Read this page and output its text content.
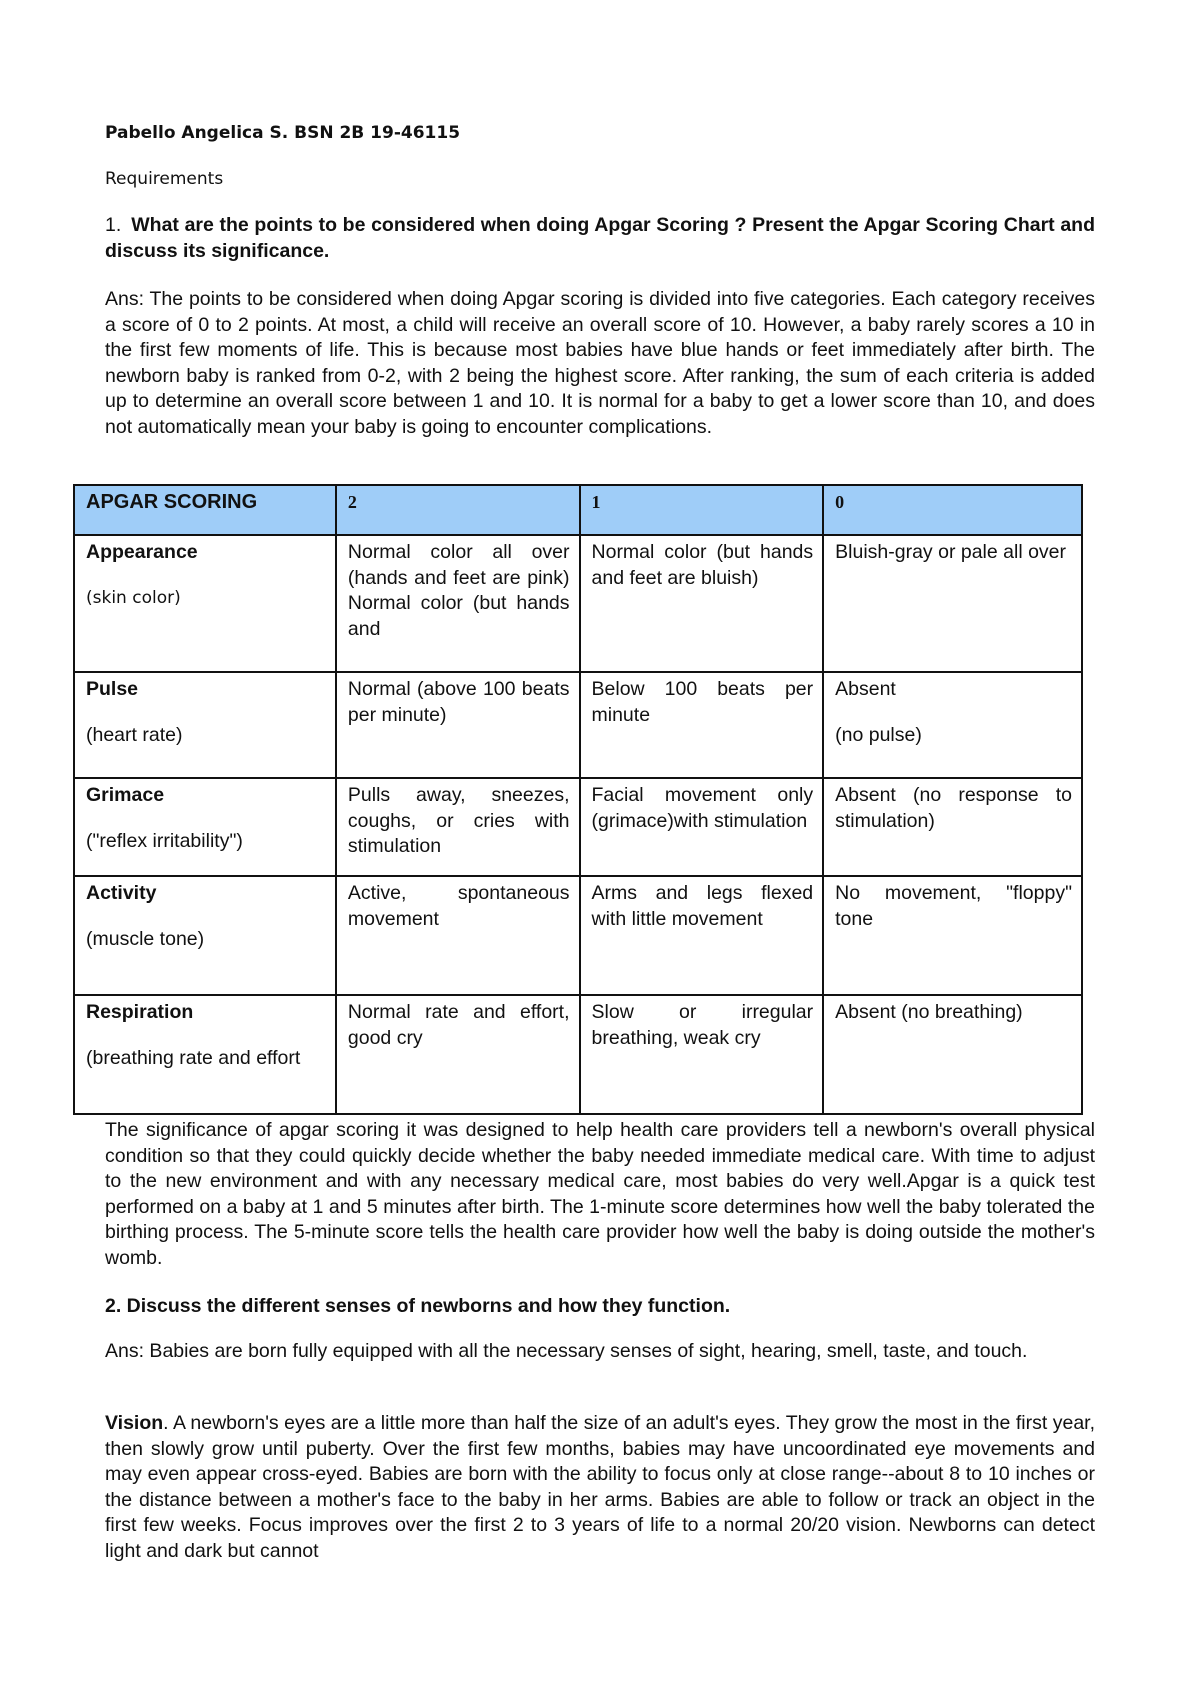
Pabello Angelica S. BSN 2B 19-46115
Requirements
1. What are the points to be considered when doing Apgar Scoring ? Present the Apgar Scoring Chart and discuss its significance.
Ans: The points to be considered when doing Apgar scoring is divided into five categories. Each category receives a score of 0 to 2 points. At most, a child will receive an overall score of 10. However, a baby rarely scores a 10 in the first few moments of life. This is because most babies have blue hands or feet immediately after birth. The newborn baby is ranked from 0-2, with 2 being the highest score. After ranking, the sum of each criteria is added up to determine an overall score between 1 and 10. It is normal for a baby to get a lower score than 10, and does not automatically mean your baby is going to encounter complications.
APGAR SCORING	2	1	0

Appearance
(skin color)	Normal color all over (hands and feet are pink) Normal color (but hands and	Normal color (but hands and feet are bluish)	Bluish-gray or pale all over

Pulse
(heart rate)	Normal (above 100 beats per minute)	Below 100 beats per minute	Absent
(no pulse)

Grimace
("reflex irritability")	Pulls away, sneezes, coughs, or cries with stimulation	Facial movement only (grimace)with stimulation	Absent (no response to stimulation)

Activity
(muscle tone)	Active, spontaneous movement	Arms and legs flexed with little movement	No movement, "floppy" tone

Respiration
(breathing rate and effort	Normal rate and effort, good cry	Slow or irregular breathing, weak cry	Absent (no breathing)
The significance of apgar scoring it was designed to help health care providers tell a newborn's overall physical condition so that they could quickly decide whether the baby needed immediate medical care. With time to adjust to the new environment and with any necessary medical care, most babies do very well.Apgar is a quick test performed on a baby at 1 and 5 minutes after birth. The 1-minute score determines how well the baby tolerated the birthing process. The 5-minute score tells the health care provider how well the baby is doing outside the mother's womb.
2. Discuss the different senses of newborns and how they function.
Ans: Babies are born fully equipped with all the necessary senses of sight, hearing, smell, taste, and touch.
Vision. A newborn's eyes are a little more than half the size of an adult's eyes. They grow the most in the first year, then slowly grow until puberty. Over the first few months, babies may have uncoordinated eye movements and may even appear cross-eyed. Babies are born with the ability to focus only at close range--about 8 to 10 inches or the distance between a mother's face to the baby in her arms. Babies are able to follow or track an object in the first few weeks. Focus improves over the first 2 to 3 years of life to a normal 20/20 vision. Newborns can detect light and dark but cannot
